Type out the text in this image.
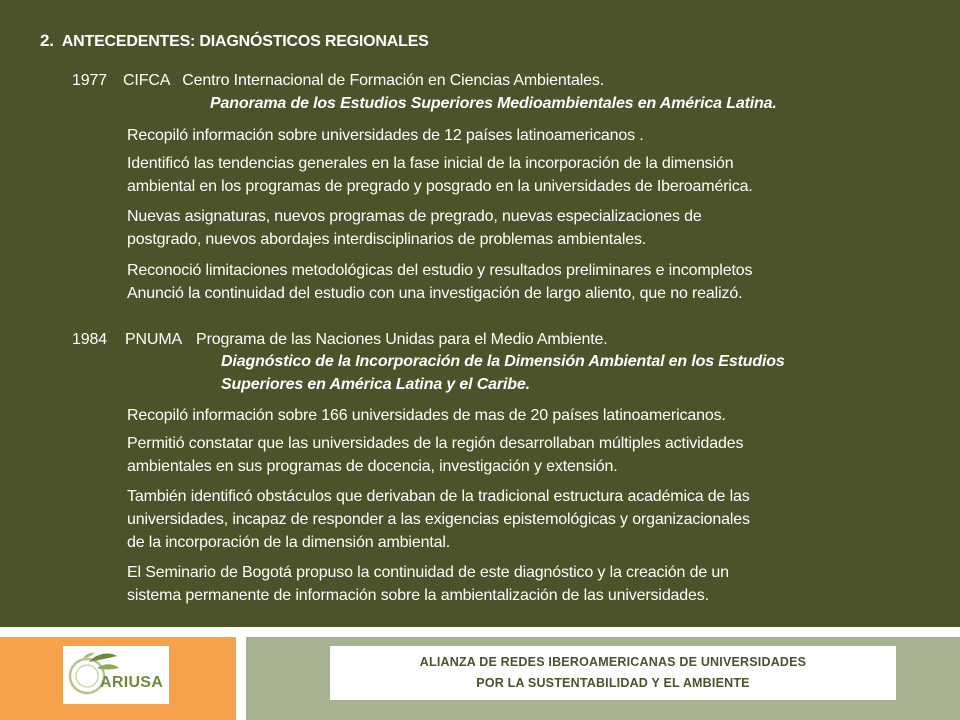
2. ANTECEDENTES: DIAGNÓSTICOS REGIONALES
1977 CIFCA Centro Internacional de Formación en Ciencias Ambientales.
Panorama de los Estudios Superiores Medioambientales en América Latina.
Recopiló información sobre universidades de 12 países latinoamericanos .
Identificó las tendencias generales en la fase inicial de la incorporación de la dimensión
ambiental en los programas de pregrado y posgrado en la universidades de Iberoamérica.
Nuevas asignaturas, nuevos programas de pregrado, nuevas especializaciones de
postgrado, nuevos abordajes interdisciplinarios de problemas ambientales.
Reconoció limitaciones metodológicas del estudio y resultados preliminares e incompletos
Anunció la continuidad del estudio con una investigación de largo aliento, que no realizó.
1984 PNUMA Programa de las Naciones Unidas para el Medio Ambiente.
Diagnóstico de la Incorporación de la Dimensión Ambiental en los Estudios
Superiores en América Latina y el Caribe.
Recopiló información sobre 166 universidades de mas de 20 países latinoamericanos.
Permitió constatar que las universidades de la región desarrollaban múltiples actividades
ambientales en sus programas de docencia, investigación y extensión.
También identificó obstáculos que derivaban de la tradicional estructura académica de las
universidades, incapaz de responder a las exigencias epistemológicas y organizacionales
de la incorporación de la dimensión ambiental.
El Seminario de Bogotá propuso la continuidad de este diagnóstico y la creación de un
sistema permanente de información sobre la ambientalización de las universidades.
ARIUSA
ALIANZA DE REDES IBEROAMERICANAS DE UNIVERSIDADES
POR LA SUSTENTABILIDAD Y EL AMBIENTE
